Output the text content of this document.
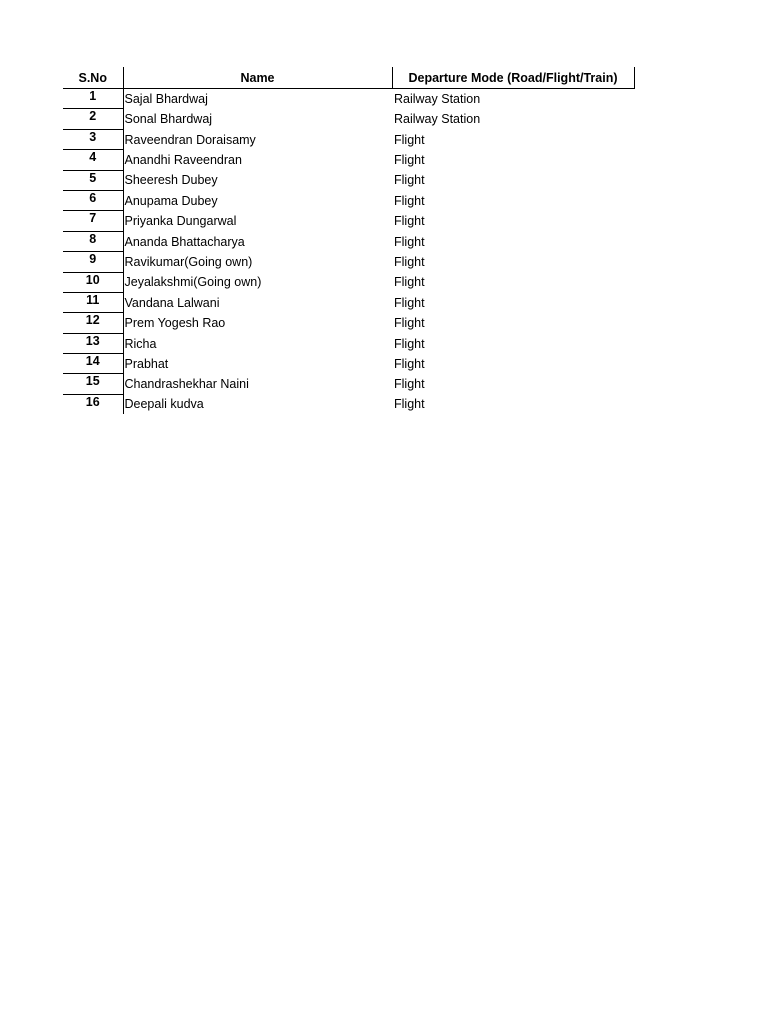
S.No	Name	Departure Mode (Road/Flight/Train)
1	Sajal Bhardwaj	Railway Station
2	Sonal Bhardwaj	Railway Station
3	Raveendran Doraisamy	Flight
4	Anandhi Raveendran	Flight
5	Sheeresh Dubey	Flight
6	Anupama Dubey	Flight
7	Priyanka Dungarwal	Flight
8	Ananda Bhattacharya	Flight
9	Ravikumar(Going own)	Flight
10	Jeyalakshmi(Going own)	Flight
11	Vandana Lalwani	Flight
12	Prem Yogesh Rao	Flight
13	Richa	Flight
14	Prabhat	Flight
15	Chandrashekhar Naini	Flight
16	Deepali kudva	Flight
